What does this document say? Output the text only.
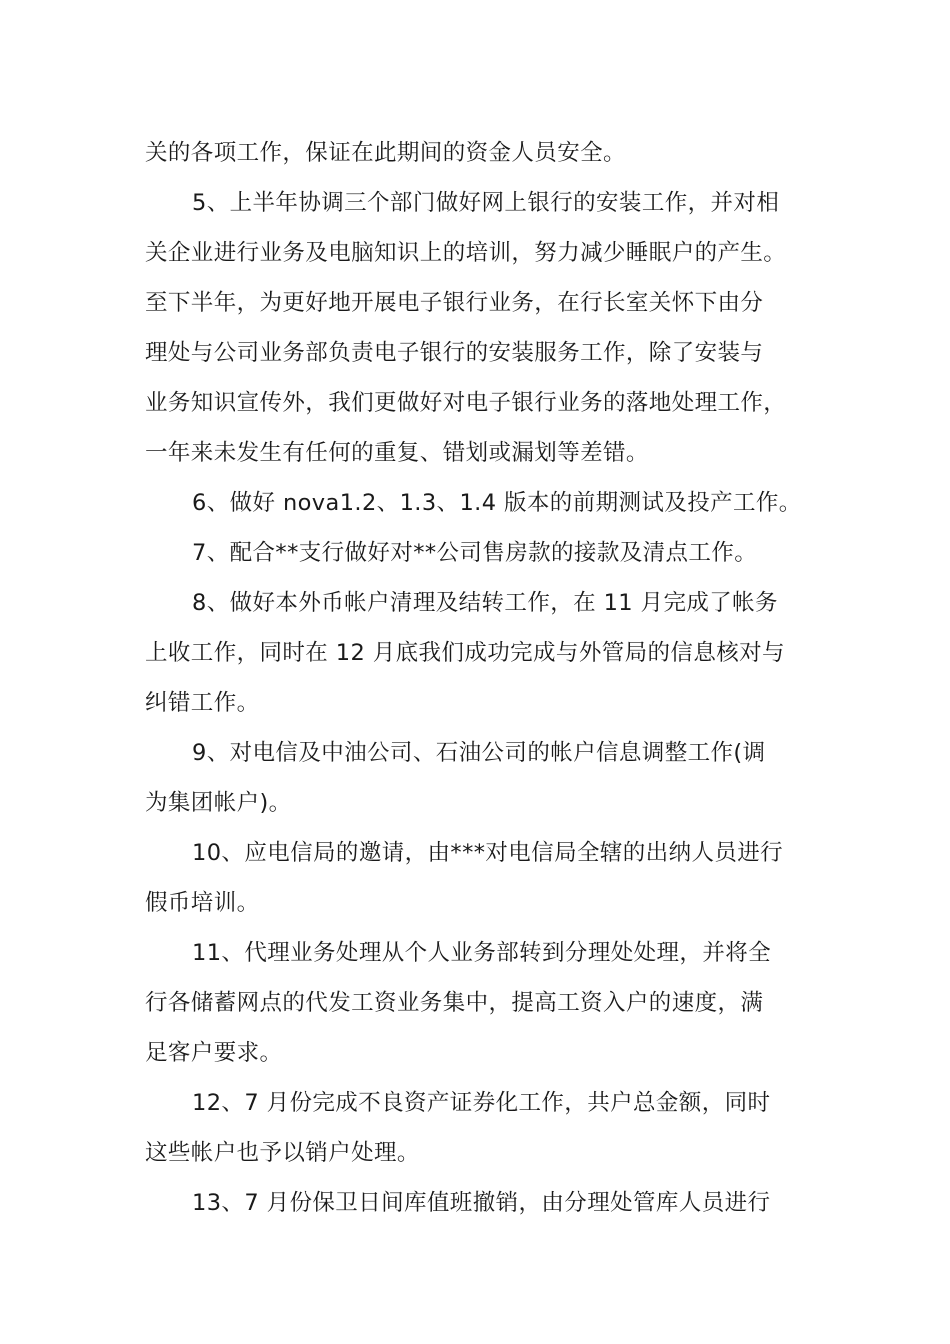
关的各项工作，保证在此期间的资金人员安全。
5、上半年协调三个部门做好网上银行的安装工作，并对相
关企业进行业务及电脑知识上的培训，努力减少睡眠户的产生。
至下半年，为更好地开展电子银行业务，在行长室关怀下由分
理处与公司业务部负责电子银行的安装服务工作，除了安装与
业务知识宣传外，我们更做好对电子银行业务的落地处理工作，
一年来未发生有任何的重复、错划或漏划等差错。
6、做好 nova1.2、1.3、1.4 版本的前期测试及投产工作。
7、配合**支行做好对**公司售房款的接款及清点工作。
8、做好本外币帐户清理及结转工作，在 11 月完成了帐务
上收工作，同时在 12 月底我们成功完成与外管局的信息核对与
纠错工作。
9、对电信及中油公司、石油公司的帐户信息调整工作(调
为集团帐户)。
10、应电信局的邀请，由***对电信局全辖的出纳人员进行
假币培训。
11、代理业务处理从个人业务部转到分理处处理，并将全
行各储蓄网点的代发工资业务集中，提高工资入户的速度，满
足客户要求。
12、7 月份完成不良资产证券化工作，共户总金额，同时
这些帐户也予以销户处理。
13、7 月份保卫日间库值班撤销，由分理处管库人员进行
